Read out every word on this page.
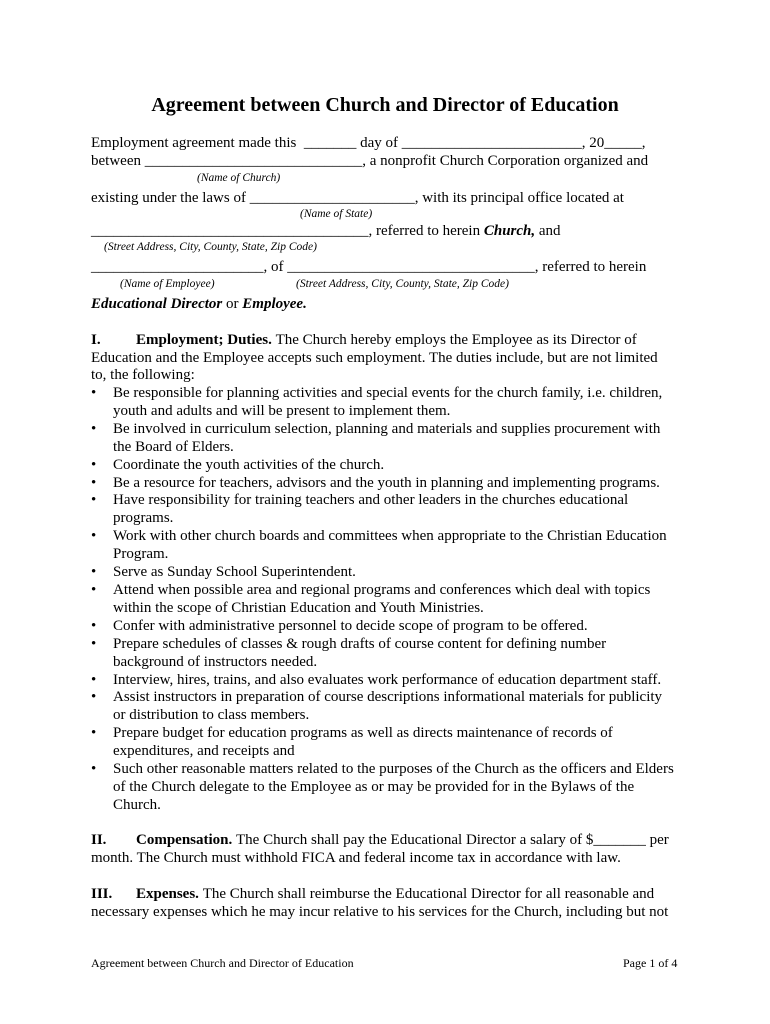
Agreement between Church and Director of Education
Employment agreement made this _______ day of ________________________, 20_____,
between _____________________________, a nonprofit Church Corporation organized and
(Name of Church)
existing under the laws of ______________________, with its principal office located at
(Name of State)
_____________________________________, referred to herein Church, and
(Street Address, City, County, State, Zip Code)
_______________________, of _________________________________, referred to herein
(Name of Employee)	(Street Address, City, County, State, Zip Code)
Educational Director or Employee.
I. Employment; Duties. The Church hereby employs the Employee as its Director of
Education and the Employee accepts such employment. The duties include, but are not limited
to, the following:
• Be responsible for planning activities and special events for the church family, i.e. children,
youth and adults and will be present to implement them.
• Be involved in curriculum selection, planning and materials and supplies procurement with
the Board of Elders.
• Coordinate the youth activities of the church.
• Be a resource for teachers, advisors and the youth in planning and implementing programs.
• Have responsibility for training teachers and other leaders in the churches educational
programs.
• Work with other church boards and committees when appropriate to the Christian Education
Program.
• Serve as Sunday School Superintendent.
• Attend when possible area and regional programs and conferences which deal with topics
within the scope of Christian Education and Youth Ministries.
• Confer with administrative personnel to decide scope of program to be offered.
• Prepare schedules of classes & rough drafts of course content for defining number
background of instructors needed.
• Interview, hires, trains, and also evaluates work performance of education department staff.
• Assist instructors in preparation of course descriptions informational materials for publicity
or distribution to class members.
• Prepare budget for education programs as well as directs maintenance of records of
expenditures, and receipts and
• Such other reasonable matters related to the purposes of the Church as the officers and Elders
of the Church delegate to the Employee as or may be provided for in the Bylaws of the
Church.
II. Compensation. The Church shall pay the Educational Director a salary of $_______ per
month. The Church must withhold FICA and federal income tax in accordance with law.
III. Expenses. The Church shall reimburse the Educational Director for all reasonable and
necessary expenses which he may incur relative to his services for the Church, including but not
Agreement between Church and Director of Education	Page 1 of 4
